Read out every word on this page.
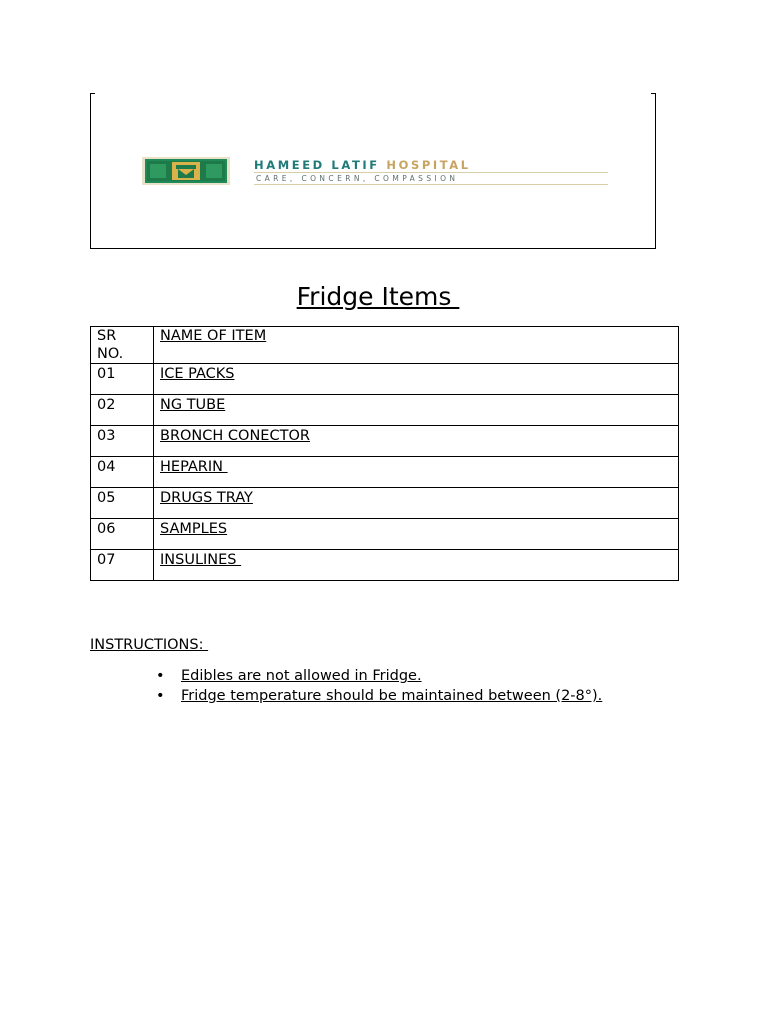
HAMEED LATIF HOSPITAL
CARE, CONCERN, COMPASSION
Fridge Items
SR NO.	NAME OF ITEM
01	ICE PACKS
02	NG TUBE
03	BRONCH CONECTOR
04	HEPARIN
05	DRUGS TRAY
06	SAMPLES
07	INSULINES
INSTRUCTIONS:
• Edibles are not allowed in Fridge.
• Fridge temperature should be maintained between (2-8°).
